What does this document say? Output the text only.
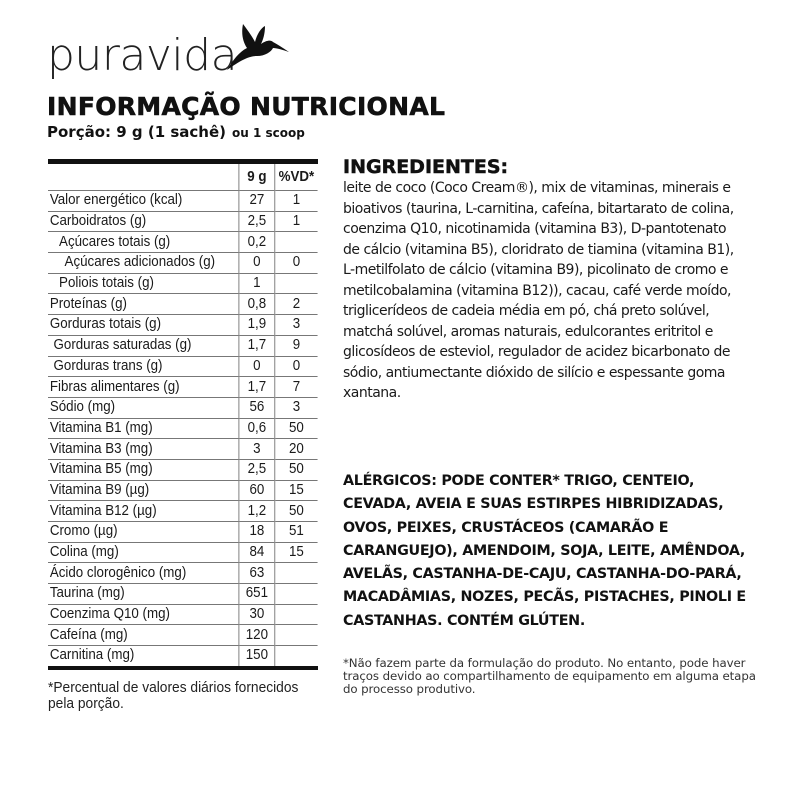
puravida
INFORMAÇÃO NUTRICIONAL
Porção: 9 g (1 sachê) ou 1 scoop
	9 g	%VD*
Valor energético (kcal)	27	1
Carboidratos (g)	2,5	1
Açúcares totais (g)	0,2	
Açúcares adicionados (g)	0	0
Poliois totais (g)	1	
Proteínas (g)	0,8	2
Gorduras totais (g)	1,9	3
Gorduras saturadas (g)	1,7	9
Gorduras trans (g)	0	0
Fibras alimentares (g)	1,7	7
Sódio (mg)	56	3
Vitamina B1 (mg)	0,6	50
Vitamina B3 (mg)	3	20
Vitamina B5 (mg)	2,5	50
Vitamina B9 (µg)	60	15
Vitamina B12 (µg)	1,2	50
Cromo (µg)	18	51
Colina (mg)	84	15
Ácido clorogênico (mg)	63	
Taurina (mg)	651	
Coenzima Q10 (mg)	30	
Cafeína (mg)	120	
Carnitina (mg)	150	
*Percentual de valores diários fornecidos pela porção.
INGREDIENTES:
leite de coco (Coco Cream®), mix de vitaminas, minerais e bioativos (taurina, L-carnitina, cafeína, bitartarato de colina, coenzima Q10, nicotinamida (vitamina B3), D-pantotenato de cálcio (vitamina B5), cloridrato de tiamina (vitamina B1), L-metilfolato de cálcio (vitamina B9), picolinato de cromo e metilcobalamina (vitamina B12)), cacau, café verde moído, triglicerídeos de cadeia média em pó, chá preto solúvel, matchá solúvel, aromas naturais, edulcorantes eritritol e glicosídeos de esteviol, regulador de acidez bicarbonato de sódio, antiumectante dióxido de silício e espessante goma xantana.
ALÉRGICOS: PODE CONTER* TRIGO, CENTEIO, CEVADA, AVEIA E SUAS ESTIRPES HIBRIDIZADAS, OVOS, PEIXES, CRUSTÁCEOS (CAMARÃO E CARANGUEJO), AMENDOIM, SOJA, LEITE, AMÊNDOA, AVELÃS, CASTANHA-DE-CAJU, CASTANHA-DO-PARÁ, MACADÂMIAS, NOZES, PECÃS, PISTACHES, PINOLI E CASTANHAS. CONTÉM GLÚTEN.
*Não fazem parte da formulação do produto. No entanto, pode haver traços devido ao compartilhamento de equipamento em alguma etapa do processo produtivo.
